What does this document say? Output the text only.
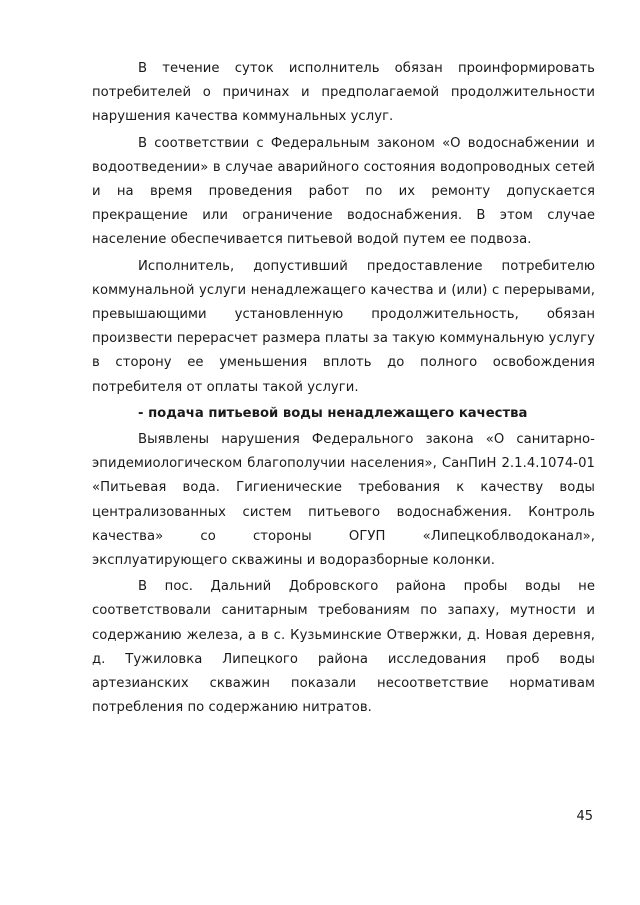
В течение суток исполнитель обязан проинформировать потребителей о причинах и предполагаемой продолжительности нарушения качества коммунальных услуг.

В соответствии с Федеральным законом «О водоснабжении и водоотведении» в случае аварийного состояния водопроводных сетей и на время проведения работ по их ремонту допускается прекращение или ограничение водоснабжения. В этом случае население обеспечивается питьевой водой путем ее подвоза.

Исполнитель, допустивший предоставление потребителю коммунальной услуги ненадлежащего качества и (или) с перерывами, превышающими установленную продолжительность, обязан произвести перерасчет размера платы за такую коммунальную услугу в сторону ее уменьшения вплоть до полного освобождения потребителя от оплаты такой услуги.

- подача питьевой воды ненадлежащего качества

Выявлены нарушения Федерального закона «О санитарно-эпидемиологическом благополучии населения», СанПиН 2.1.4.1074-01 «Питьевая вода. Гигиенические требования к качеству воды централизованных систем питьевого водоснабжения. Контроль качества» со стороны ОГУП «Липецкоблводоканал», эксплуатирующего скважины и водоразборные колонки.

В пос. Дальний Добровского района пробы воды не соответствовали санитарным требованиям по запаху, мутности и содержанию железа, а в с. Кузьминские Отвержки, д. Новая деревня, д. Тужиловка Липецкого района исследования проб воды артезианских скважин показали несоответствие нормативам потребления по содержанию нитратов.

45
